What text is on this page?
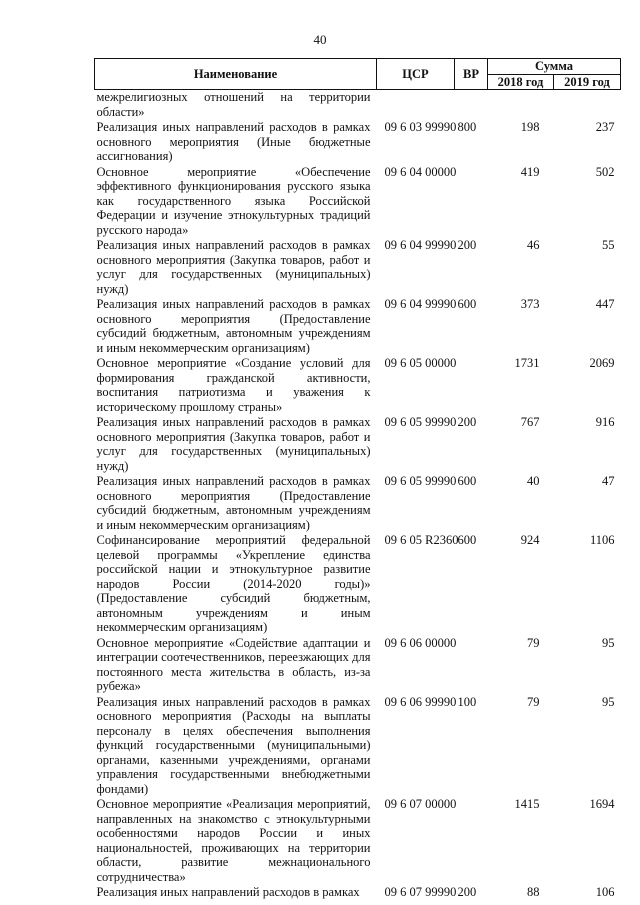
40
Наименование	ЦСР	ВР	Сумма	
			2018 год	2019 год
межрелигиозных отношений на территории области»				
Реализация иных направлений расходов в рамках основного мероприятия (Иные бюджетные ассигнования)	09 6 03 99990	800	198	237
Основное мероприятие «Обеспечение эффективного функционирования русского языка как государственного языка Российской Федерации и изучение этнокультурных традиций русского народа»	09 6 04 00000		419	502
Реализация иных направлений расходов в рамках основного мероприятия (Закупка товаров, работ и услуг для государственных (муниципальных) нужд)	09 6 04 99990	200	46	55
Реализация иных направлений расходов в рамках основного мероприятия (Предоставление субсидий бюджетным, автономным учреждениям и иным некоммерческим организациям)	09 6 04 99990	600	373	447
Основное мероприятие «Создание условий для формирования гражданской активности, воспитания патриотизма и уважения к историческому прошлому страны»	09 6 05 00000		1731	2069
Реализация иных направлений расходов в рамках основного мероприятия (Закупка товаров, работ и услуг для государственных (муниципальных) нужд)	09 6 05 99990	200	767	916
Реализация иных направлений расходов в рамках основного мероприятия (Предоставление субсидий бюджетным, автономным учреждениям и иным некоммерческим организациям)	09 6 05 99990	600	40	47
Софинансирование мероприятий федеральной целевой программы «Укрепление единства российской нации и этнокультурное развитие народов России (2014-2020 годы)» (Предоставление субсидий бюджетным, автономным учреждениям и иным некоммерческим организациям)	09 6 05 R2360	600	924	1106
Основное мероприятие «Содействие адаптации и интеграции соотечественников, переезжающих для постоянного места жительства в область, из-за рубежа»	09 6 06 00000		79	95
Реализация иных направлений расходов в рамках основного мероприятия (Расходы на выплаты персоналу в целях обеспечения выполнения функций государственными (муниципальными) органами, казенными учреждениями, органами управления государственными внебюджетными фондами)	09 6 06 99990	100	79	95
Основное мероприятие «Реализация мероприятий, направленных на знакомство с этнокультурными особенностями народов России и иных национальностей, проживающих на территории области, развитие межнационального сотрудничества»	09 6 07 00000		1415	1694
Реализация иных направлений расходов в рамках	09 6 07 99990	200	88	106
